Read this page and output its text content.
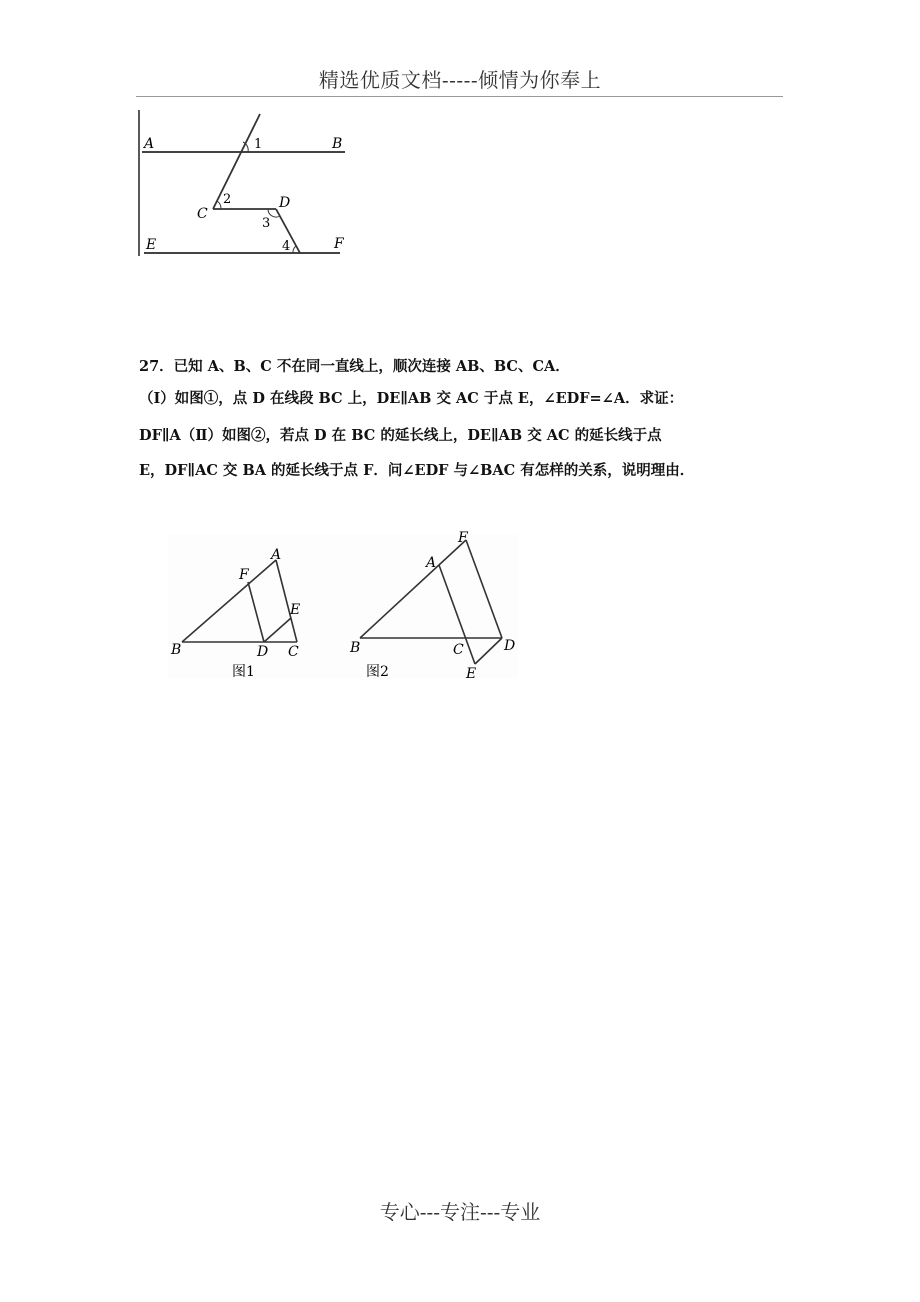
精选优质文档-----倾情为你奉上
A	B
C
D
E	F
1
2
3
4
27．已知 A、B、C 不在同一直线上，顺次连接 AB、BC、CA．
（Ⅰ）如图①，点 D 在线段 BC 上，DE∥AB 交 AC 于点 E，∠EDF=∠A．求证：
DF∥A（Ⅱ）如图②，若点 D 在 BC 的延长线上，DE∥AB 交 AC 的延长线于点
E，DF∥AC 交 BA 的延长线于点 F．问∠EDF 与∠BAC 有怎样的关系，说明理由．
A
B	C
D
E
F
图1
A
B	C	D
E
F
图2
专心---专注---专业
